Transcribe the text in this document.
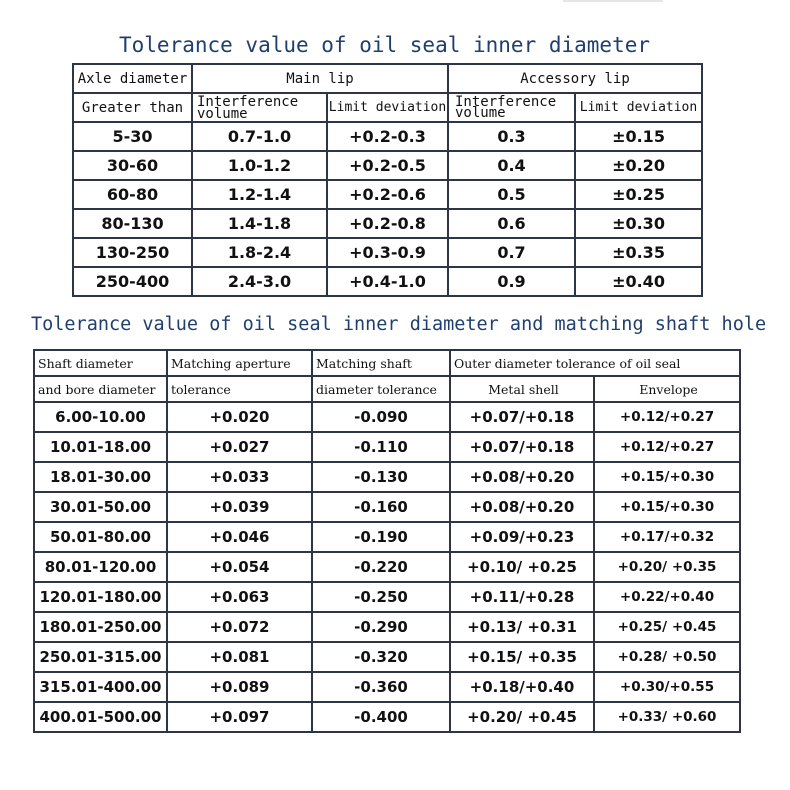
Tolerance value of oil seal inner diameter
Axle diameter	Main lip		Accessory lip	
Greater than	Interference volume	Limit deviation	Interference volume	Limit deviation
5-30	0.7-1.0	+0.2-0.3	0.3	±0.15
30-60	1.0-1.2	+0.2-0.5	0.4	±0.20
60-80	1.2-1.4	+0.2-0.6	0.5	±0.25
80-130	1.4-1.8	+0.2-0.8	0.6	±0.30
130-250	1.8-2.4	+0.3-0.9	0.7	±0.35
250-400	2.4-3.0	+0.4-1.0	0.9	±0.40
Tolerance value of oil seal inner diameter and matching shaft hole
Shaft diameter	Matching aperture	Matching shaft	Outer diameter tolerance of oil seal	
and bore diameter	tolerance	diameter tolerance	Metal shell	Envelope
6.00-10.00	+0.020	-0.090	+0.07/+0.18	+0.12/+0.27
10.01-18.00	+0.027	-0.110	+0.07/+0.18	+0.12/+0.27
18.01-30.00	+0.033	-0.130	+0.08/+0.20	+0.15/+0.30
30.01-50.00	+0.039	-0.160	+0.08/+0.20	+0.15/+0.30
50.01-80.00	+0.046	-0.190	+0.09/+0.23	+0.17/+0.32
80.01-120.00	+0.054	-0.220	+0.10/ +0.25	+0.20/ +0.35
120.01-180.00	+0.063	-0.250	+0.11/+0.28	+0.22/+0.40
180.01-250.00	+0.072	-0.290	+0.13/ +0.31	+0.25/ +0.45
250.01-315.00	+0.081	-0.320	+0.15/ +0.35	+0.28/ +0.50
315.01-400.00	+0.089	-0.360	+0.18/+0.40	+0.30/+0.55
400.01-500.00	+0.097	-0.400	+0.20/ +0.45	+0.33/ +0.60
